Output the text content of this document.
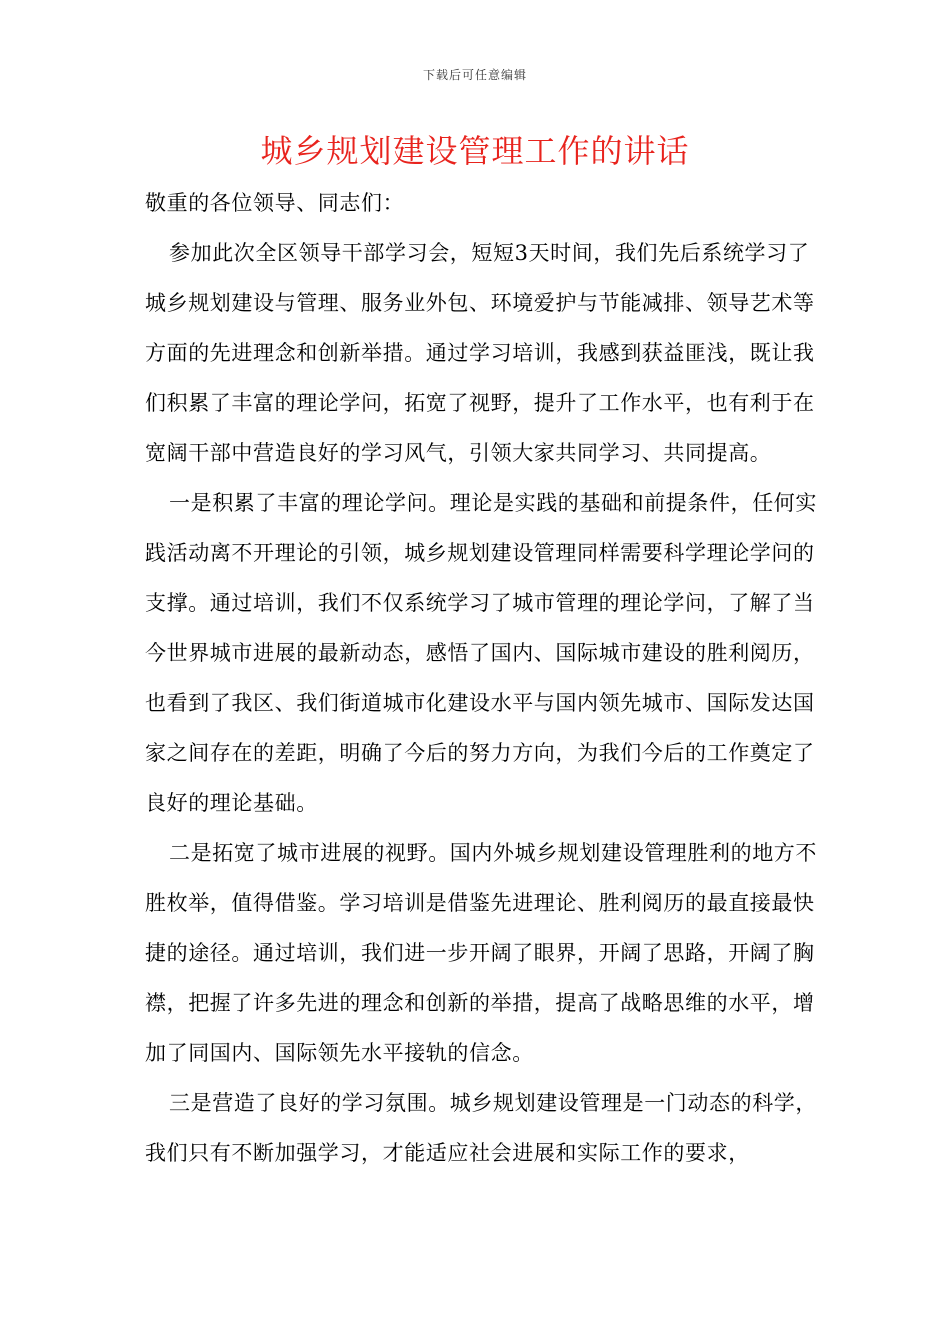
下载后可任意编辑
城乡规划建设管理工作的讲话

敬重的各位领导、同志们：

参加此次全区领导干部学习会，短短3天时间，我们先后系统学习了城乡规划建设与管理、服务业外包、环境爱护与节能减排、领导艺术等方面的先进理念和创新举措。通过学习培训，我感到获益匪浅，既让我们积累了丰富的理论学问，拓宽了视野，提升了工作水平，也有利于在宽阔干部中营造良好的学习风气，引领大家共同学习、共同提高。

一是积累了丰富的理论学问。理论是实践的基础和前提条件，任何实践活动离不开理论的引领，城乡规划建设管理同样需要科学理论学问的支撑。通过培训，我们不仅系统学习了城市管理的理论学问，了解了当今世界城市进展的最新动态，感悟了国内、国际城市建设的胜利阅历，也看到了我区、我们街道城市化建设水平与国内领先城市、国际发达国家之间存在的差距，明确了今后的努力方向，为我们今后的工作奠定了良好的理论基础。

二是拓宽了城市进展的视野。国内外城乡规划建设管理胜利的地方不胜枚举，值得借鉴。学习培训是借鉴先进理论、胜利阅历的最直接最快捷的途径。通过培训，我们进一步开阔了眼界，开阔了思路，开阔了胸襟，把握了许多先进的理念和创新的举措，提高了战略思维的水平，增加了同国内、国际领先水平接轨的信念。

三是营造了良好的学习氛围。城乡规划建设管理是一门动态的科学，我们只有不断加强学习，才能适应社会进展和实际工作的要求，
